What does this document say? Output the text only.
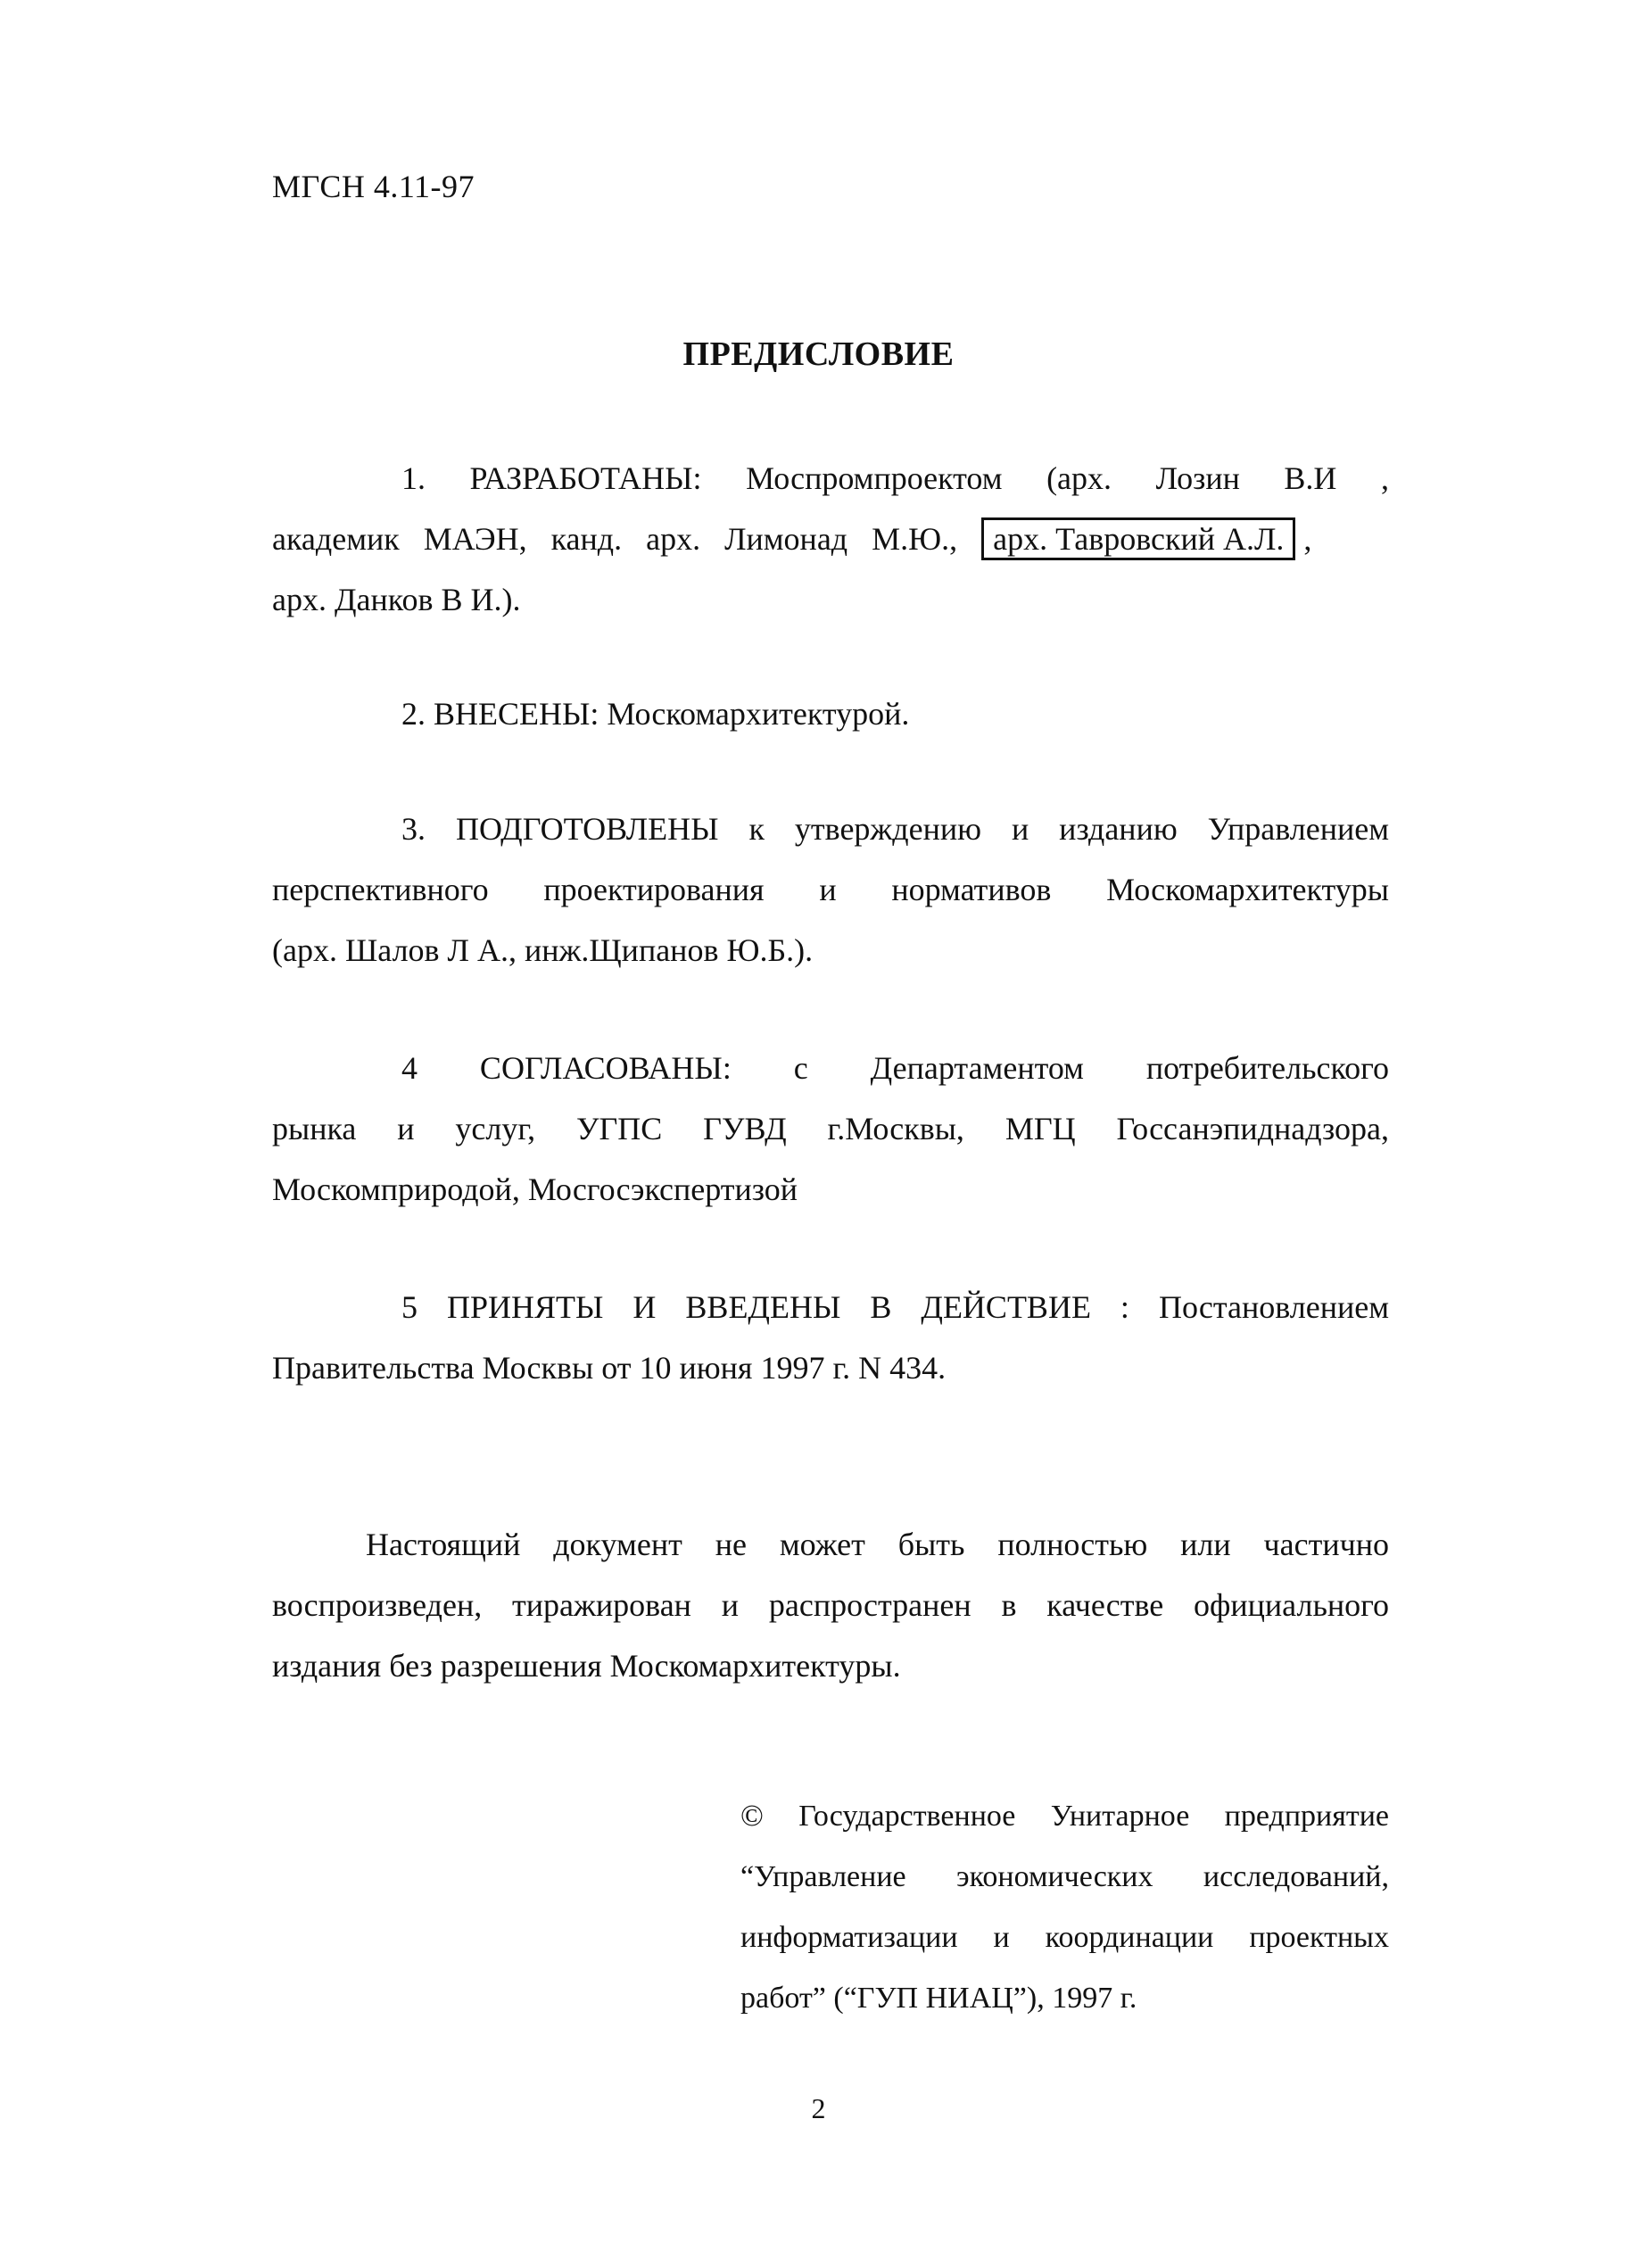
МГСН 4.11-97
ПРЕДИСЛОВИЕ
1. РАЗРАБОТАНЫ: Моспромпроектом (арх. Лозин В.И ,
академик МАЭН, канд. арх. Лимонад М.Ю., арх. Тавровский А.Л. ,
арх. Данков В И.).
2. ВНЕСЕНЫ: Москомархитектурой.
3. ПОДГОТОВЛЕНЫ к утверждению и изданию Управлением
перспективного проектирования и нормативов Москомархитектуры
(арх. Шалов Л А., инж.Щипанов Ю.Б.).
4 СОГЛАСОВАНЫ: с Департаментом потребительского
рынка и услуг, УГПС ГУВД г.Москвы, МГЦ Госсанэпиднадзора,
Москомприродой, Мосгосэкспертизой
5 ПРИНЯТЫ И ВВЕДЕНЫ В ДЕЙСТВИЕ : Постановлением
Правительства Москвы от 10 июня 1997 г. N 434.
Настоящий документ не может быть полностью или частично
воспроизведен, тиражирован и распространен в качестве официального
издания без разрешения Москомархитектуры.
© Государственное Унитарное предприятие
“Управление экономических исследований,
информатизации и координации проектных
работ” (“ГУП НИАЦ”), 1997 г.
2
